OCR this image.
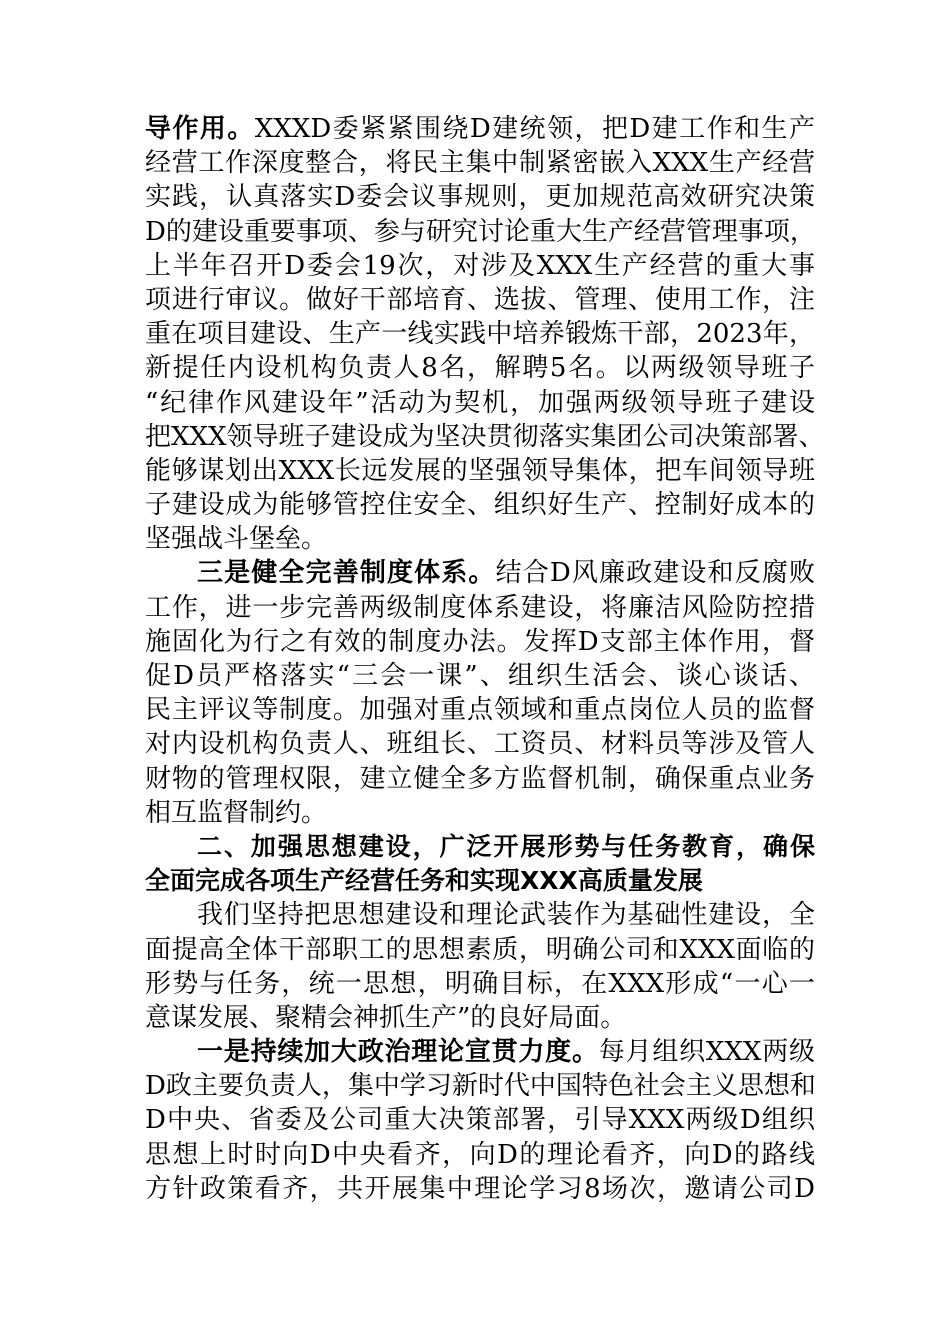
导作用。XXXD委紧紧围绕D建统领，把D建工作和生产
经营工作深度整合，将民主集中制紧密嵌入XXX生产经营
实践，认真落实D委会议事规则，更加规范高效研究决策
D的建设重要事项、参与研究讨论重大生产经营管理事项，
上半年召开D委会19次，对涉及XXX生产经营的重大事
项进行审议。做好干部培育、选拔、管理、使用工作，注
重在项目建设、生产一线实践中培养锻炼干部，2023年，
新提任内设机构负责人8名，解聘5名。以两级领导班子
“纪律作风建设年”活动为契机，加强两级领导班子建设
把XXX领导班子建设成为坚决贯彻落实集团公司决策部署、
能够谋划出XXX长远发展的坚强领导集体，把车间领导班
子建设成为能够管控住安全、组织好生产、控制好成本的
坚强战斗堡垒。
三是健全完善制度体系。结合D风廉政建设和反腐败
工作，进一步完善两级制度体系建设，将廉洁风险防控措
施固化为行之有效的制度办法。发挥D支部主体作用，督
促D员严格落实“三会一课”、组织生活会、谈心谈话、
民主评议等制度。加强对重点领域和重点岗位人员的监督
对内设机构负责人、班组长、工资员、材料员等涉及管人
财物的管理权限，建立健全多方监督机制，确保重点业务
相互监督制约。
二、加强思想建设，广泛开展形势与任务教育，确保
全面完成各项生产经营任务和实现XXX高质量发展
我们坚持把思想建设和理论武装作为基础性建设，全
面提高全体干部职工的思想素质，明确公司和XXX面临的
形势与任务，统一思想，明确目标，在XXX形成“一心一
意谋发展、聚精会神抓生产”的良好局面。
一是持续加大政治理论宣贯力度。每月组织XXX两级
D政主要负责人，集中学习新时代中国特色社会主义思想和
D中央、省委及公司重大决策部署，引导XXX两级D组织
思想上时时向D中央看齐，向D的理论看齐，向D的路线
方针政策看齐，共开展集中理论学习8场次，邀请公司D
